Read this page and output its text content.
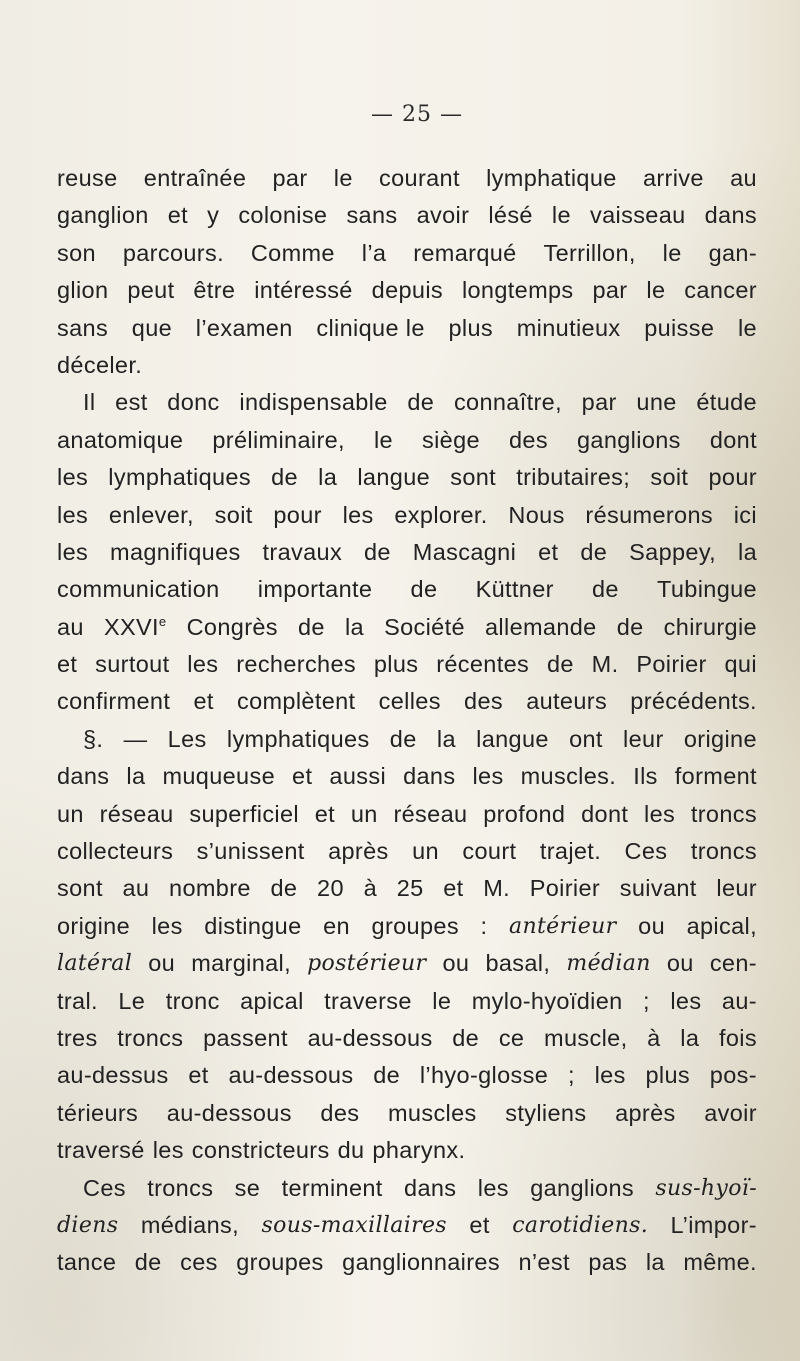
— 25 —
reuse entraînée par le courant lymphatique arrive au
ganglion et y colonise sans avoir lésé le vaisseau dans
son parcours. Comme l’a remarqué Terrillon, le gan-
glion peut être intéressé depuis longtemps par le cancer
sans que l’examen clinique le plus minutieux puisse le
déceler.
Il est donc indispensable de connaître, par une étude
anatomique préliminaire, le siège des ganglions dont
les lymphatiques de la langue sont tributaires; soit pour
les enlever, soit pour les explorer. Nous résumerons ici
les magnifiques travaux de Mascagni et de Sappey, la
communication importante de Küttner de Tubingue
au XXVIe Congrès de la Société allemande de chirurgie
et surtout les recherches plus récentes de M. Poirier qui
confirment et complètent celles des auteurs précédents.
§. — Les lymphatiques de la langue ont leur origine
dans la muqueuse et aussi dans les muscles. Ils forment
un réseau superficiel et un réseau profond dont les troncs
collecteurs s’unissent après un court trajet. Ces troncs
sont au nombre de 20 à 25 et M. Poirier suivant leur
origine les distingue en groupes : antérieur ou apical,
latéral ou marginal, postérieur ou basal, médian ou cen-
tral. Le tronc apical traverse le mylo-hyoïdien ; les au-
tres troncs passent au-dessous de ce muscle, à la fois
au-dessus et au-dessous de l’hyo-glosse ; les plus pos-
térieurs au-dessous des muscles styliens après avoir
traversé les constricteurs du pharynx.
Ces troncs se terminent dans les ganglions sus-hyoï-
diens médians, sous-maxillaires et carotidiens. L’impor-
tance de ces groupes ganglionnaires n’est pas la même.
